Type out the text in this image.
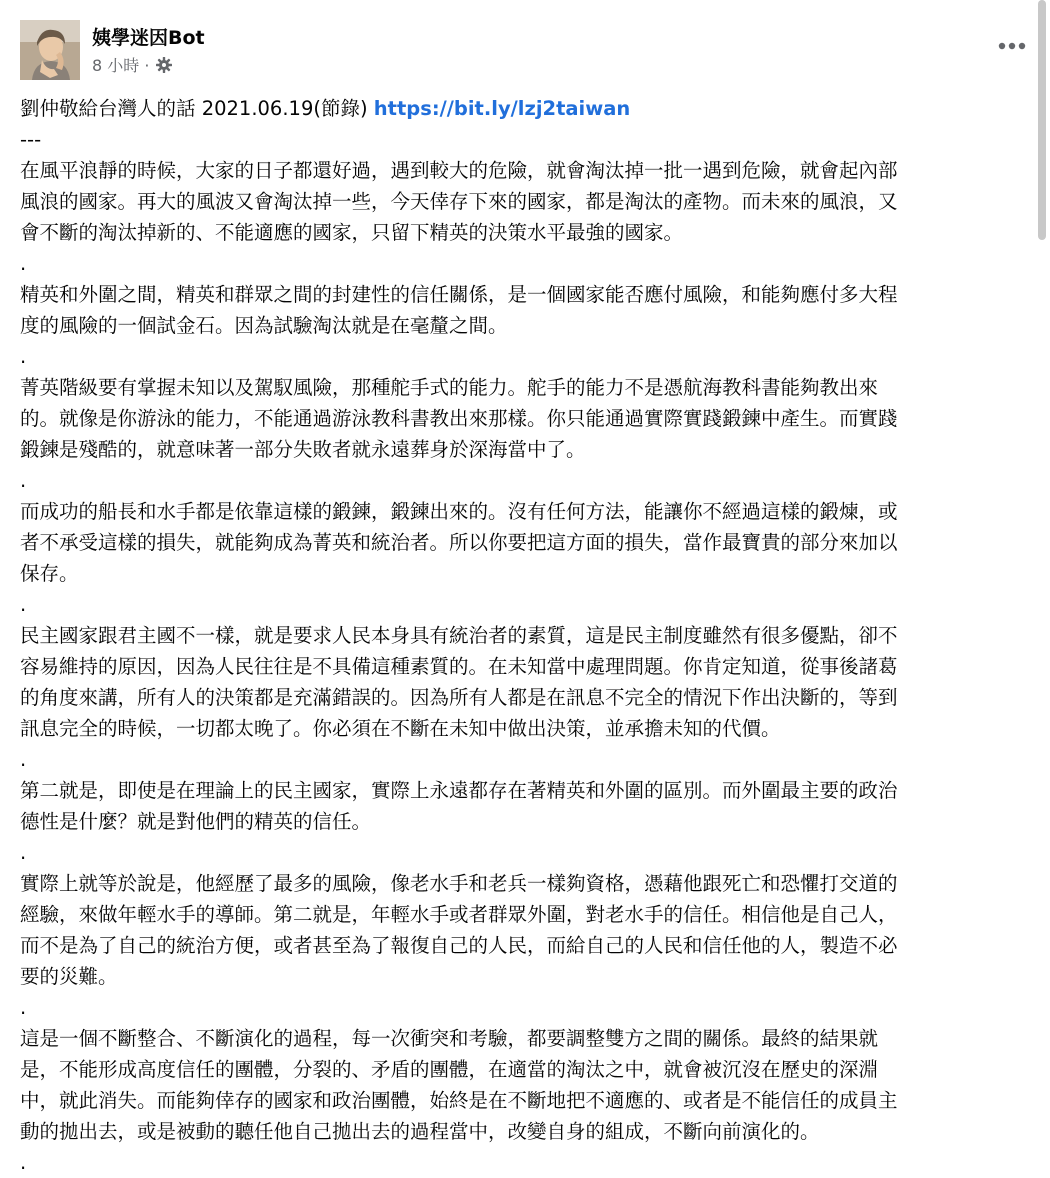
姨學迷因Bot
8 小時 ·
劉仲敬給台灣人的話 2021.06.19(節錄) https://bit.ly/lzj2taiwan
---
在風平浪靜的時候，大家的日子都還好過，遇到較大的危險，就會淘汰掉一批一遇到危險，就會起內部
風浪的國家。再大的風波又會淘汰掉一些，今天倖存下來的國家，都是淘汰的產物。而未來的風浪，又
會不斷的淘汰掉新的、不能適應的國家，只留下精英的決策水平最強的國家。
.
精英和外圍之間，精英和群眾之間的封建性的信任關係，是一個國家能否應付風險，和能夠應付多大程
度的風險的一個試金石。因為試驗淘汰就是在毫釐之間。
.
菁英階級要有掌握未知以及駕馭風險，那種舵手式的能力。舵手的能力不是憑航海教科書能夠教出來
的。就像是你游泳的能力，不能通過游泳教科書教出來那樣。你只能通過實際實踐鍛鍊中產生。而實踐
鍛鍊是殘酷的，就意味著一部分失敗者就永遠葬身於深海當中了。
.
而成功的船長和水手都是依靠這樣的鍛鍊，鍛鍊出來的。沒有任何方法，能讓你不經過這樣的鍛煉，或
者不承受這樣的損失，就能夠成為菁英和統治者。所以你要把這方面的損失，當作最寶貴的部分來加以
保存。
.
民主國家跟君主國不一樣，就是要求人民本身具有統治者的素質，這是民主制度雖然有很多優點，卻不
容易維持的原因，因為人民往往是不具備這種素質的。在未知當中處理問題。你肯定知道，從事後諸葛
的角度來講，所有人的決策都是充滿錯誤的。因為所有人都是在訊息不完全的情況下作出決斷的，等到
訊息完全的時候，一切都太晚了。你必須在不斷在未知中做出決策，並承擔未知的代價。
.
第二就是，即使是在理論上的民主國家，實際上永遠都存在著精英和外圍的區別。而外圍最主要的政治
德性是什麼？就是對他們的精英的信任。
.
實際上就等於說是，他經歷了最多的風險，像老水手和老兵一樣夠資格，憑藉他跟死亡和恐懼打交道的
經驗，來做年輕水手的導師。第二就是，年輕水手或者群眾外圍，對老水手的信任。相信他是自己人，
而不是為了自己的統治方便，或者甚至為了報復自己的人民，而給自己的人民和信任他的人，製造不必
要的災難。
.
這是一個不斷整合、不斷演化的過程，每一次衝突和考驗，都要調整雙方之間的關係。最終的結果就
是，不能形成高度信任的團體，分裂的、矛盾的團體，在適當的淘汰之中，就會被沉沒在歷史的深淵
中，就此消失。而能夠倖存的國家和政治團體，始終是在不斷地把不適應的、或者是不能信任的成員主
動的拋出去，或是被動的聽任他自己拋出去的過程當中，改變自身的組成，不斷向前演化的。
.
